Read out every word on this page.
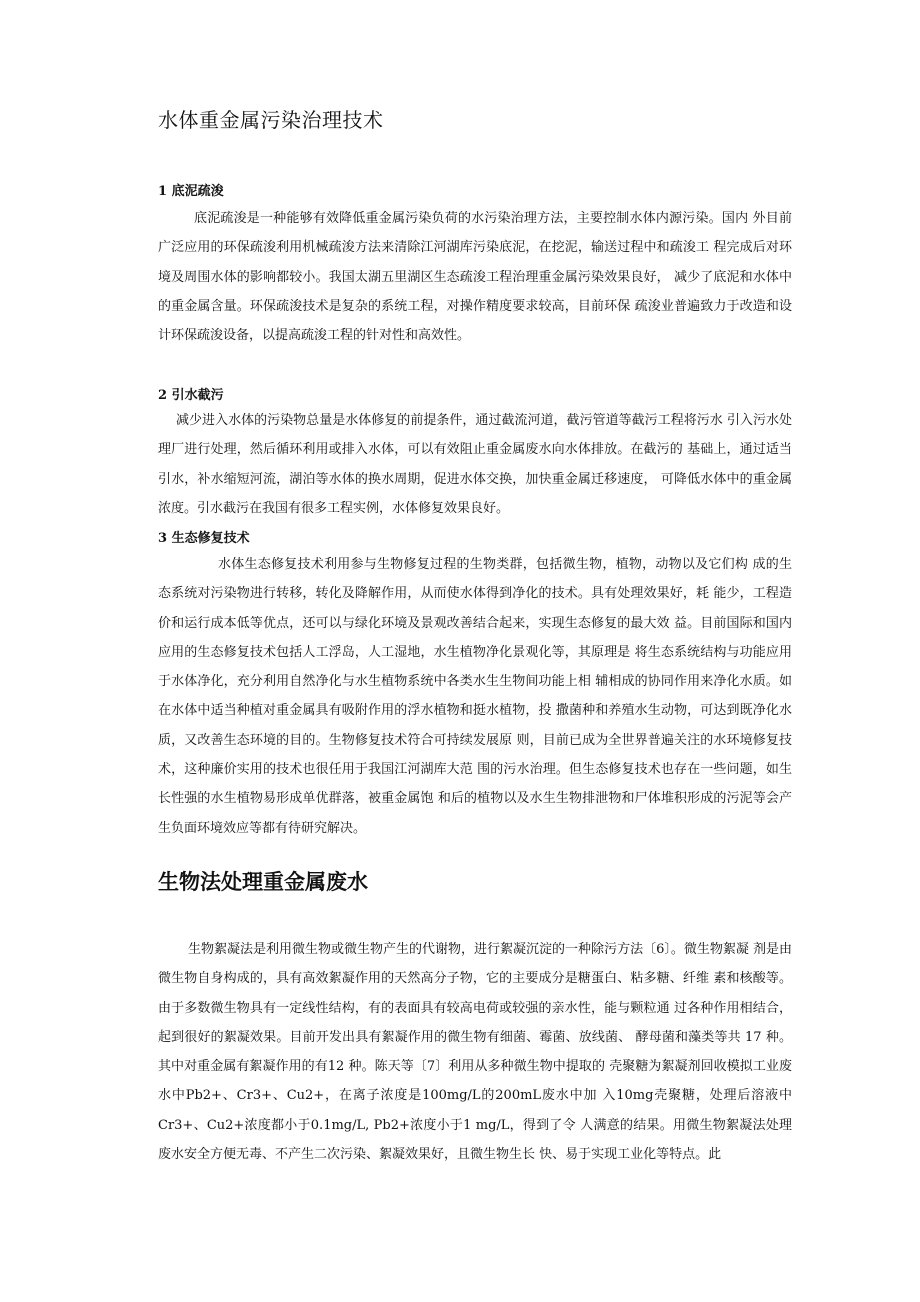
水体重金属污染治理技术
1 底泥疏浚

底泥疏浚是一种能够有效降低重金属污染负荷的水污染治理方法，主要控制水体内源污染。国内 外目前广泛应用的环保疏浚利用机械疏浚方法来清除江河湖库污染底泥，在挖泥，输送过程中和疏浚工 程完成后对环境及周围水体的影响都较小。我国太湖五里湖区生态疏浚工程治理重金属污染效果良好， 减少了底泥和水体中的重金属含量。环保疏浚技术是复杂的系统工程，对操作精度要求较高，目前环保 疏浚业普遍致力于改造和设计环保疏浚设备，以提高疏浚工程的针对性和高效性。

2 引水截污

减少进入水体的污染物总量是水体修复的前提条件，通过截流河道，截污管道等截污工程将污水 引入污水处理厂进行处理，然后循环利用或排入水体，可以有效阻止重金属废水向水体排放。在截污的 基础上，通过适当引水，补水缩短河流，湖泊等水体的换水周期，促进水体交换，加快重金属迁移速度， 可降低水体中的重金属浓度。引水截污在我国有很多工程实例，水体修复效果良好。

3 生态修复技术

水体生态修复技术利用参与生物修复过程的生物类群，包括微生物，植物，动物以及它们构 成的生态系统对污染物进行转移，转化及降解作用，从而使水体得到净化的技术。具有处理效果好，耗 能少，工程造价和运行成本低等优点，还可以与绿化环境及景观改善结合起来，实现生态修复的最大效 益。目前国际和国内应用的生态修复技术包括人工浮岛，人工湿地，水生植物净化景观化等，其原理是 将生态系统结构与功能应用于水体净化，充分利用自然净化与水生植物系统中各类水生生物间功能上相 辅相成的协同作用来净化水质。如在水体中适当种植对重金属具有吸附作用的浮水植物和挺水植物，投 撒菌种和养殖水生动物，可达到既净化水质，又改善生态环境的目的。生物修复技术符合可持续发展原 则，目前已成为全世界普遍关注的水环境修复技术，这种廉价实用的技术也很任用于我国江河湖库大范 围的污水治理。但生态修复技术也存在一些问题，如生长性强的水生植物易形成单优群落，被重金属饱 和后的植物以及水生生物排泄物和尸体堆积形成的污泥等会产生负面环境效应等都有待研究解决。

生物法处理重金属废水

生物絮凝法是利用微生物或微生物产生的代谢物，进行絮凝沉淀的一种除污方法〔6〕。微生物絮凝 剂是由微生物自身构成的，具有高效絮凝作用的天然高分子物，它的主要成分是糖蛋白、粘多糖、纤维 素和核酸等。由于多数微生物具有一定线性结构，有的表面具有较高电荷或较强的亲水性，能与颗粒通 过各种作用相结合，起到很好的絮凝效果。目前开发出具有絮凝作用的微生物有细菌、霉菌、放线菌、 酵母菌和藻类等共 17 种。其中对重金属有絮凝作用的有12 种。陈天等〔7〕利用从多种微生物中提取的 壳聚糖为絮凝剂回收模拟工业废水中Pb2+、Cr3+、Cu2+，在离子浓度是100mg/L的200mL废水中加 入10mg壳聚糖，处理后溶液中Cr3+、Cu2+浓度都小于0.1mg/L, Pb2+浓度小于1 mg/L，得到了令 人满意的结果。用微生物絮凝法处理废水安全方便无毒、不产生二次污染、絮凝效果好，且微生物生长 快、易于实现工业化等特点。此
